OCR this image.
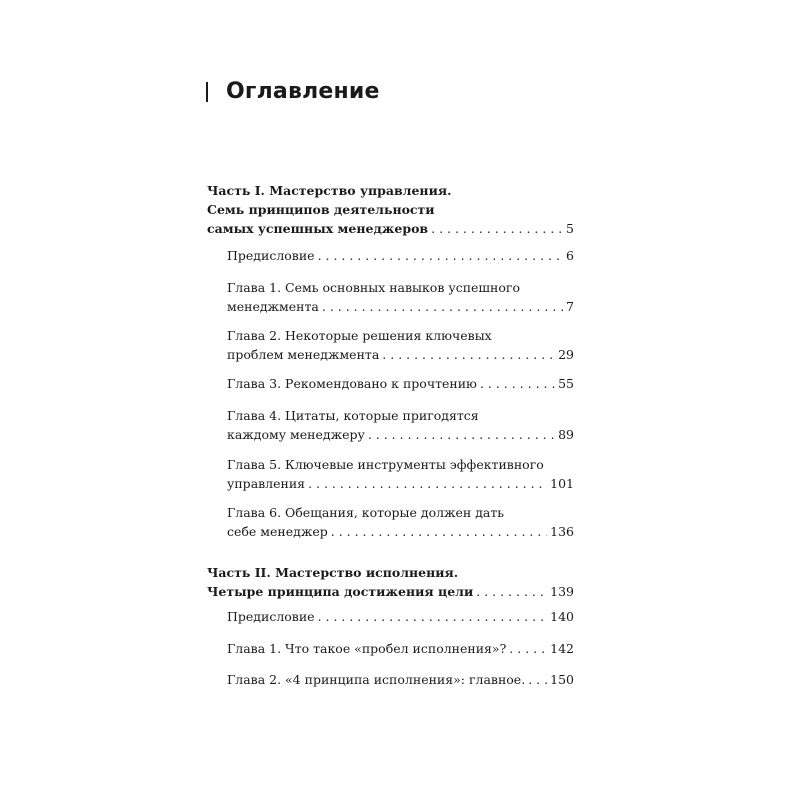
Оглавление
Часть I. Мастерство управления.
Семь принципов деятельности
самых успешных менеджеров . . .	5
Предисловие . . .	6
Глава 1. Семь основных навыков успешного
менеджмента . . .	7
Глава 2. Некоторые решения ключевых
проблем менеджмента . . .	29
Глава 3. Рекомендовано к прочтению . . .	55
Глава 4. Цитаты, которые пригодятся
каждому менеджеру . . .	89
Глава 5. Ключевые инструменты эффективного
управления . . .	101
Глава 6. Обещания, которые должен дать
себе менеджер . . .	136
Часть II. Мастерство исполнения.
Четыре принципа достижения цели . . .	139
Предисловие . . .	140
Глава 1. Что такое «пробел исполнения»? . . .	142
Глава 2. «4 принципа исполнения»: главное. . . . 150
